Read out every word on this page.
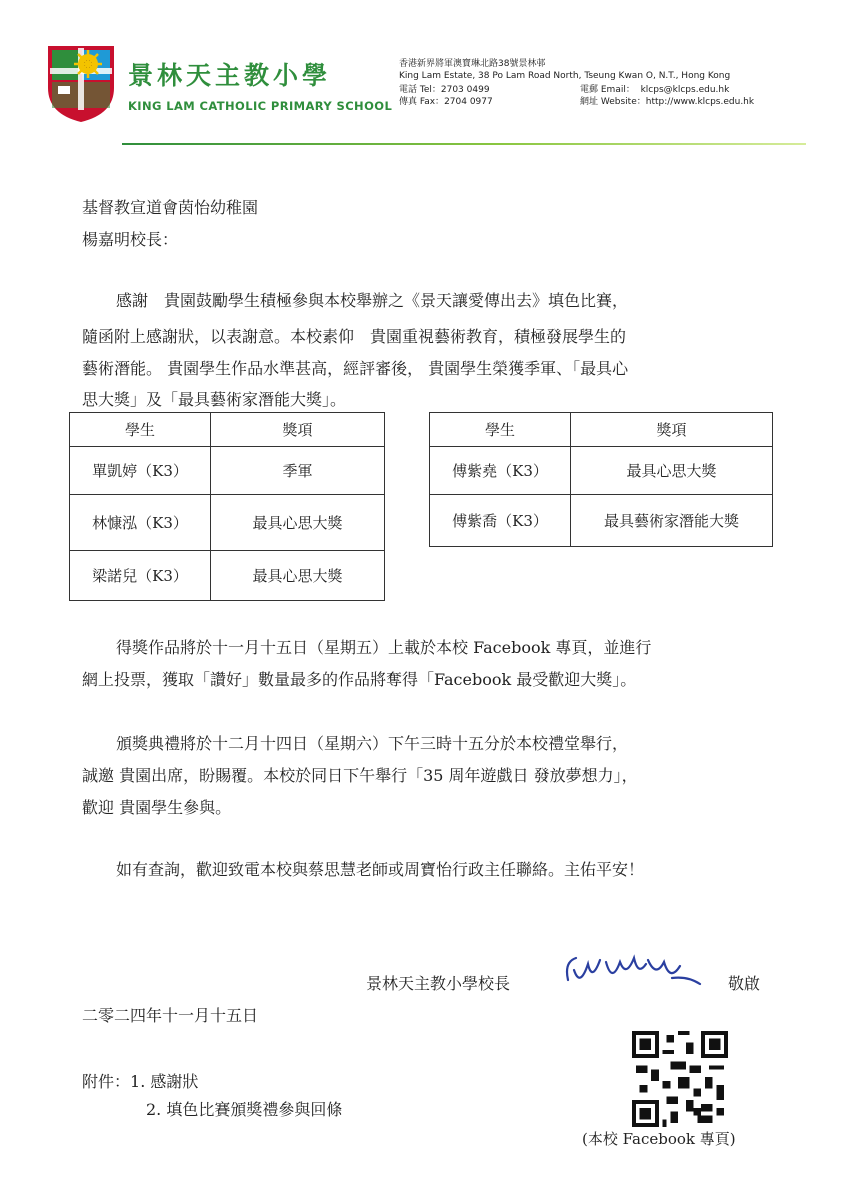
景林天主教小學
KING LAM CATHOLIC PRIMARY SCHOOL
香港新界將軍澳寶琳北路38號景林邨
King Lam Estate, 38 Po Lam Road North, Tseung Kwan O, N.T., Hong Kong
電話 Tel：2703 0499
傳真 Fax：2704 0977
電郵 Email： klcps@klcps.edu.hk
網址 Website：http://www.klcps.edu.hk
基督教宣道會茵怡幼稚園
楊嘉明校長：
感謝　貴園鼓勵學生積極參與本校舉辦之《景天讓愛傳出去》填色比賽，
隨函附上感謝狀，以表謝意。本校素仰　貴園重視藝術教育，積極發展學生的
藝術潛能。 貴園學生作品水準甚高，經評審後， 貴園學生榮獲季軍、「最具心
思大獎」及「最具藝術家潛能大獎」。
學生	獎項
單凱婷（K3）	季軍
林慷泓（K3）	最具心思大獎
梁諾兒（K3）	最具心思大獎
學生	獎項
傅紫堯（K3）	最具心思大獎
傅紫喬（K3）	最具藝術家潛能大獎
得獎作品將於十一月十五日（星期五）上載於本校 Facebook 專頁，並進行
網上投票，獲取「讚好」數量最多的作品將奪得「Facebook 最受歡迎大獎」。
頒獎典禮將於十二月十四日（星期六）下午三時十五分於本校禮堂舉行，
誠邀 貴園出席，盼賜覆。本校於同日下午舉行「35 周年遊戲日 發放夢想力」，
歡迎 貴園學生參與。
如有查詢，歡迎致電本校與蔡思慧老師或周寶怡行政主任聯絡。主佑平安！
景林天主教小學校長	敬啟
二零二四年十一月十五日
附件：1. 感謝狀
2. 填色比賽頒獎禮參與回條
(本校 Facebook 專頁)
